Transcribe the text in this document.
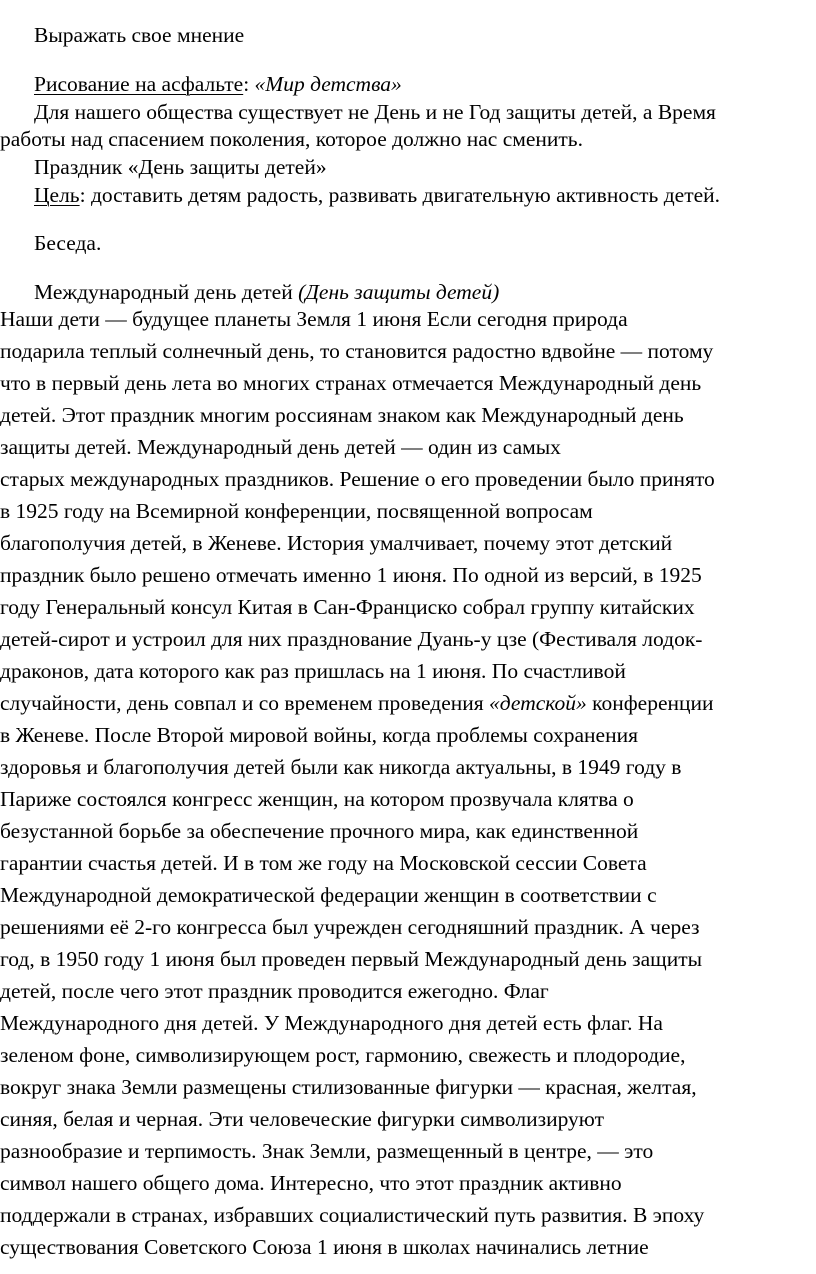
Выражать свое мнение
Рисование на асфальте: «Мир детства»
Для нашего общества существует не День и не Год защиты детей, а Время
работы над спасением поколения, которое должно нас сменить.
Праздник «День защиты детей»
Цель: доставить детям радость, развивать двигательную активность детей.
Беседа.
Международный день детей (День защиты детей)
Наши дети — будущее планеты Земля 1 июня Если сегодня природа
подарила теплый солнечный день, то становится радостно вдвойне — потому
что в первый день лета во многих странах отмечается Международный день
детей. Этот праздник многим россиянам знаком как Международный день
защиты детей. Международный день детей — один из самых
старых международных праздников. Решение о его проведении было принято
в 1925 году на Всемирной конференции, посвященной вопросам
благополучия детей, в Женеве. История умалчивает, почему этот детский
праздник было решено отмечать именно 1 июня. По одной из версий, в 1925
году Генеральный консул Китая в Сан-Франциско собрал группу китайских
детей-сирот и устроил для них празднование Дуань-у цзе (Фестиваля лодок-
драконов, дата которого как раз пришлась на 1 июня. По счастливой
случайности, день совпал и со временем проведения «детской» конференции
в Женеве. После Второй мировой войны, когда проблемы сохранения
здоровья и благополучия детей были как никогда актуальны, в 1949 году в
Париже состоялся конгресс женщин, на котором прозвучала клятва о
безустанной борьбе за обеспечение прочного мира, как единственной
гарантии счастья детей. И в том же году на Московской сессии Совета
Международной демократической федерации женщин в соответствии с
решениями её 2-го конгресса был учрежден сегодняшний праздник. А через
год, в 1950 году 1 июня был проведен первый Международный день защиты
детей, после чего этот праздник проводится ежегодно. Флаг
Международного дня детей. У Международного дня детей есть флаг. На
зеленом фоне, символизирующем рост, гармонию, свежесть и плодородие,
вокруг знака Земли размещены стилизованные фигурки — красная, желтая,
синяя, белая и черная. Эти человеческие фигурки символизируют
разнообразие и терпимость. Знак Земли, размещенный в центре, — это
символ нашего общего дома. Интересно, что этот праздник активно
поддержали в странах, избравших социалистический путь развития. В эпоху
существования Советского Союза 1 июня в школах начинались летние
